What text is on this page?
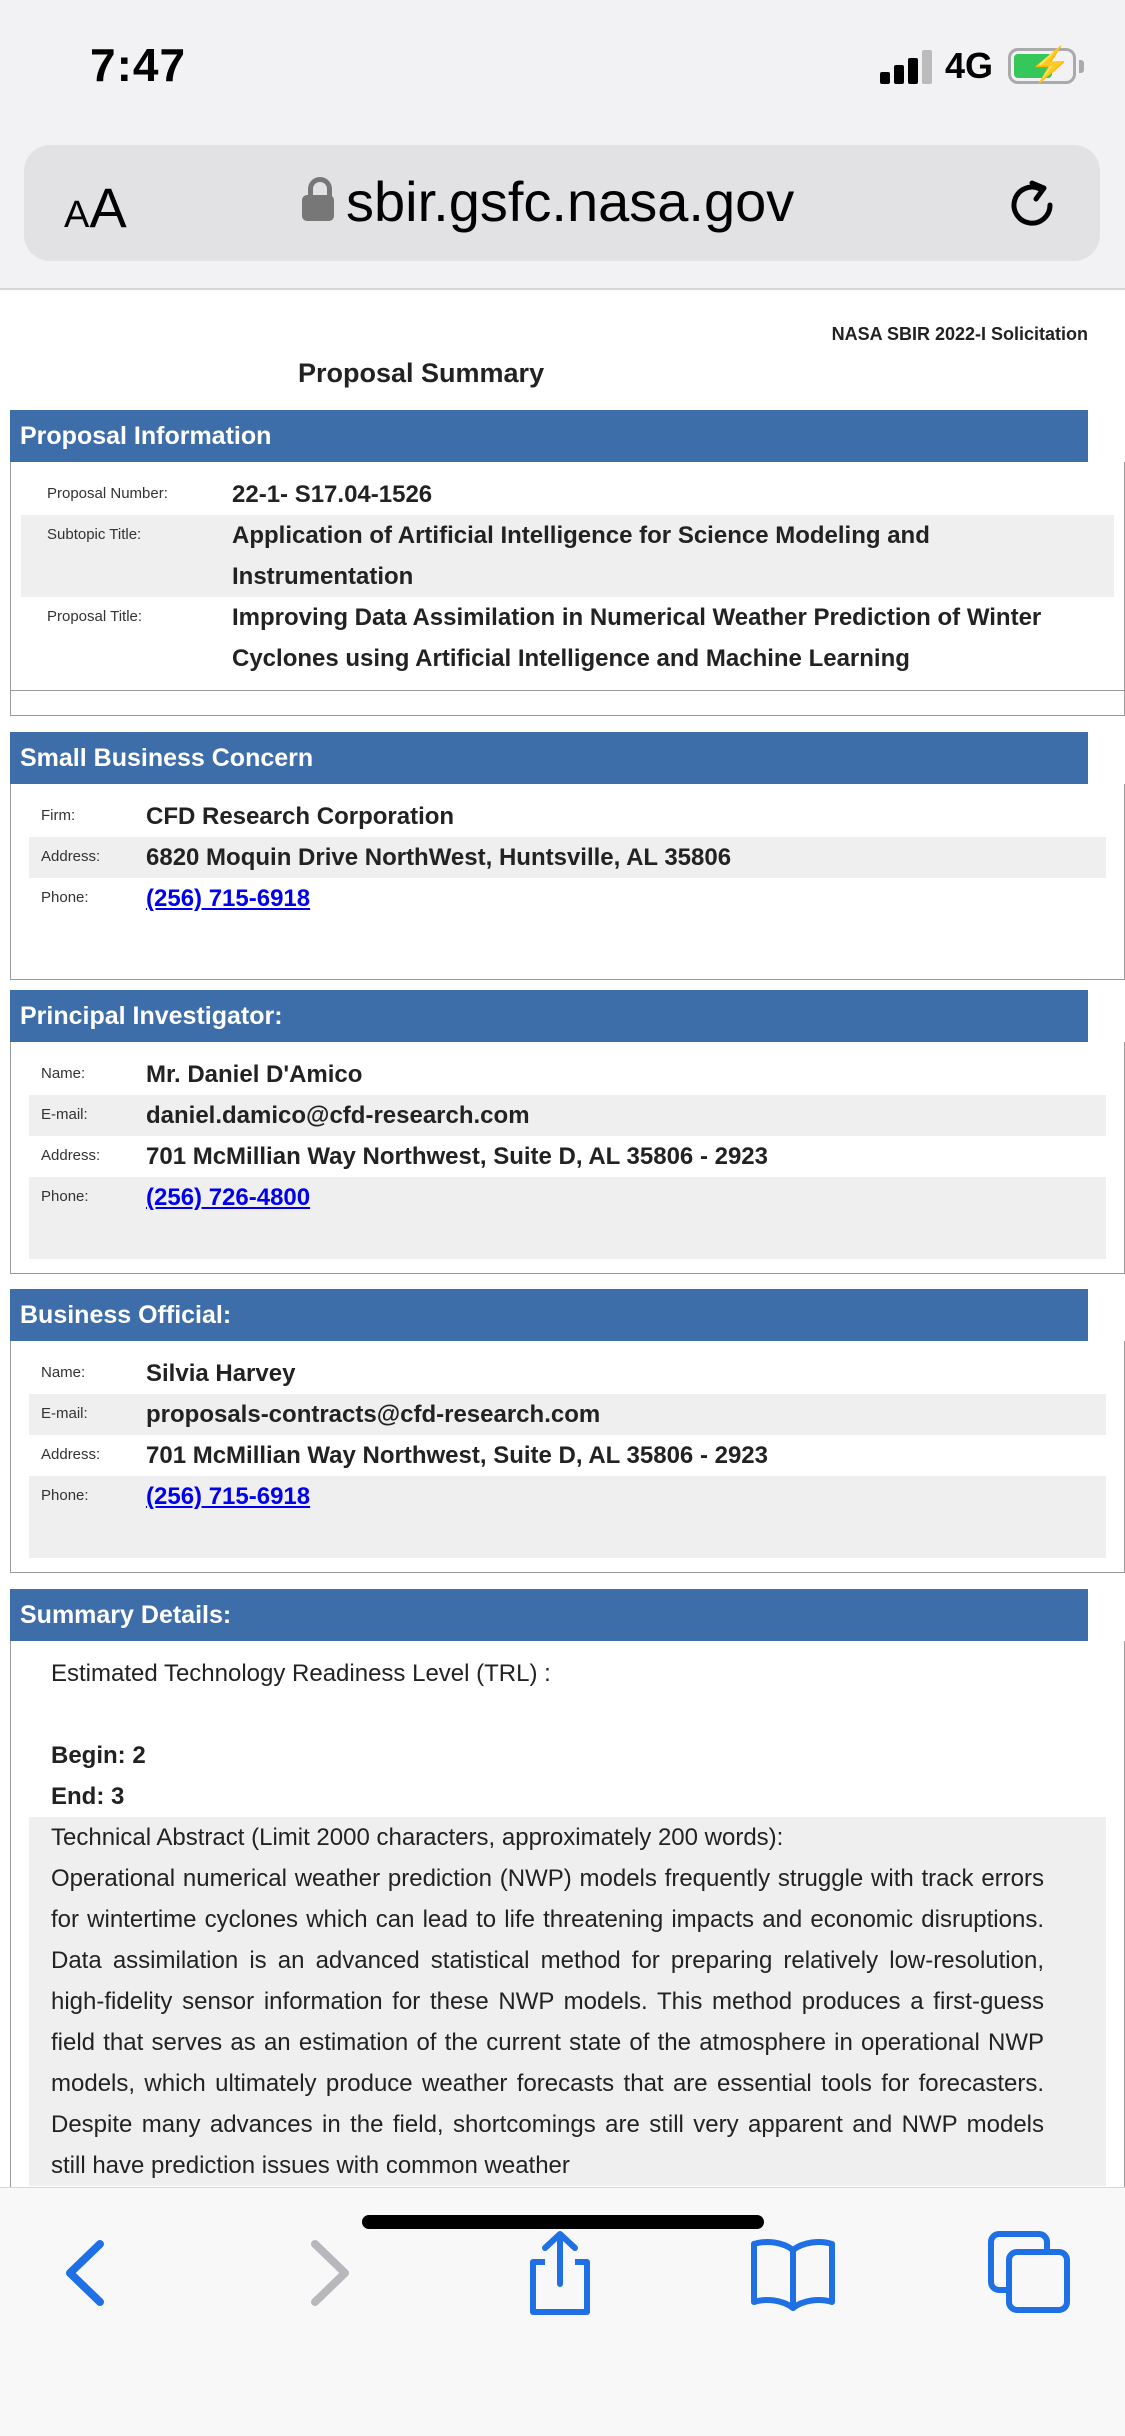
7:47	4G ⚡
AA	sbir.gsfc.nasa.gov
NASA SBIR 2022-I Solicitation
Proposal Summary
Proposal Information
Proposal Number:	22-1- S17.04-1526
Subtopic Title:	Application of Artificial Intelligence for Science Modeling and Instrumentation
Proposal Title:	Improving Data Assimilation in Numerical Weather Prediction of Winter Cyclones using Artificial Intelligence and Machine Learning
Small Business Concern
Firm:	CFD Research Corporation
Address:	6820 Moquin Drive NorthWest, Huntsville, AL 35806
Phone:	(256) 715-6918
Principal Investigator:
Name:	Mr. Daniel D'Amico
E-mail:	daniel.damico@cfd-research.com
Address:	701 McMillian Way Northwest, Suite D, AL 35806 - 2923
Phone:	(256) 726-4800
Business Official:
Name:	Silvia Harvey
E-mail:	proposals-contracts@cfd-research.com
Address:	701 McMillian Way Northwest, Suite D, AL 35806 - 2923
Phone:	(256) 715-6918
Summary Details:
Estimated Technology Readiness Level (TRL) :
Begin: 2
End: 3
Technical Abstract (Limit 2000 characters, approximately 200 words):
Operational numerical weather prediction (NWP) models frequently struggle with track errors for wintertime cyclones which can lead to life threatening impacts and economic disruptions. Data assimilation is an advanced statistical method for preparing relatively low-resolution, high-fidelity sensor information for these NWP models. This method produces a first-guess field that serves as an estimation of the current state of the atmosphere in operational NWP models, which ultimately produce weather forecasts that are essential tools for forecasters. Despite many advances in the field, shortcomings are still very apparent and NWP models still have prediction issues with common weather
